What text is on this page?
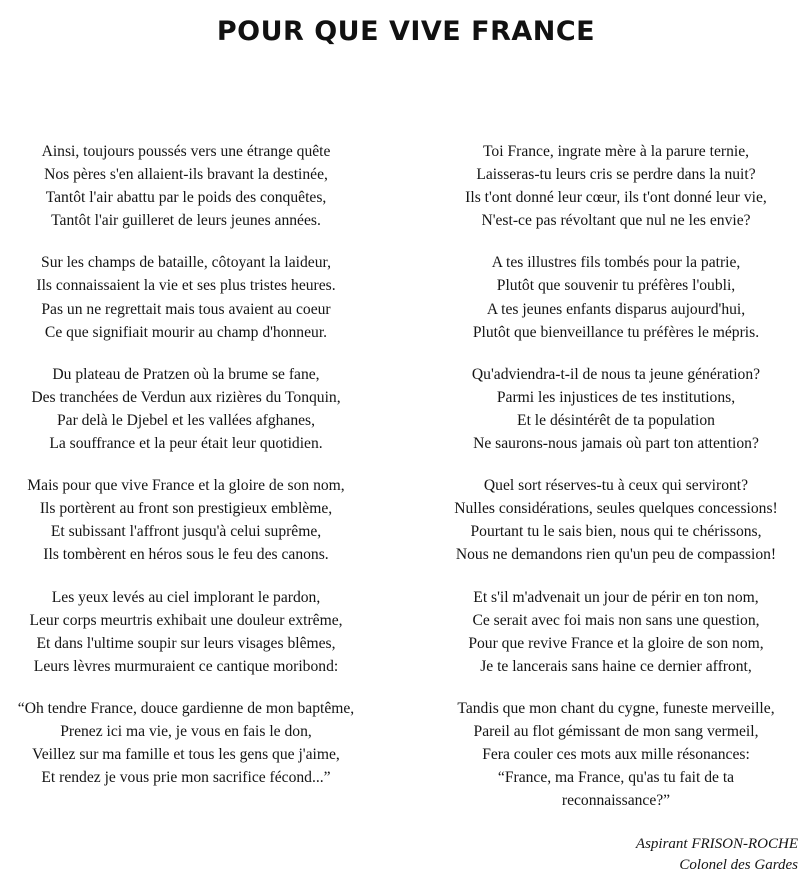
POUR QUE VIVE FRANCE
Ainsi, toujours poussés vers une étrange quête
Nos pères s'en allaient-ils bravant la destinée,
Tantôt l'air abattu par le poids des conquêtes,
Tantôt l'air guilleret de leurs jeunes années.
Sur les champs de bataille, côtoyant la laideur,
Ils connaissaient la vie et ses plus tristes heures.
Pas un ne regrettait mais tous avaient au coeur
Ce que signifiait mourir au champ d'honneur.
Du plateau de Pratzen où la brume se fane,
Des tranchées de Verdun aux rizières du Tonquin,
Par delà le Djebel et les vallées afghanes,
La souffrance et la peur était leur quotidien.
Mais pour que vive France et la gloire de son nom,
Ils portèrent au front son prestigieux emblème,
Et subissant l'affront jusqu'à celui suprême,
Ils tombèrent en héros sous le feu des canons.
Les yeux levés au ciel implorant le pardon,
Leur corps meurtris exhibait une douleur extrême,
Et dans l'ultime soupir sur leurs visages blêmes,
Leurs lèvres murmuraient ce cantique moribond:
“Oh tendre France, douce gardienne de mon baptême,
Prenez ici ma vie, je vous en fais le don,
Veillez sur ma famille et tous les gens que j'aime,
Et rendez je vous prie mon sacrifice fécond...”
Toi France, ingrate mère à la parure ternie,
Laisseras-tu leurs cris se perdre dans la nuit?
Ils t'ont donné leur cœur, ils t'ont donné leur vie,
N'est-ce pas révoltant que nul ne les envie?
A tes illustres fils tombés pour la patrie,
Plutôt que souvenir tu préfères l'oubli,
A tes jeunes enfants disparus aujourd'hui,
Plutôt que bienveillance tu préfères le mépris.
Qu'adviendra-t-il de nous ta jeune génération?
Parmi les injustices de tes institutions,
Et le désintérêt de ta population
Ne saurons-nous jamais où part ton attention?
Quel sort réserves-tu à ceux qui serviront?
Nulles considérations, seules quelques concessions!
Pourtant tu le sais bien, nous qui te chérissons,
Nous ne demandons rien qu'un peu de compassion!
Et s'il m'advenait un jour de périr en ton nom,
Ce serait avec foi mais non sans une question,
Pour que revive France et la gloire de son nom,
Je te lancerais sans haine ce dernier affront,
Tandis que mon chant du cygne, funeste merveille,
Pareil au flot gémissant de mon sang vermeil,
Fera couler ces mots aux mille résonances:
“France, ma France, qu'as tu fait de ta
reconnaissance?”
Aspirant FRISON-ROCHE
Colonel des Gardes
